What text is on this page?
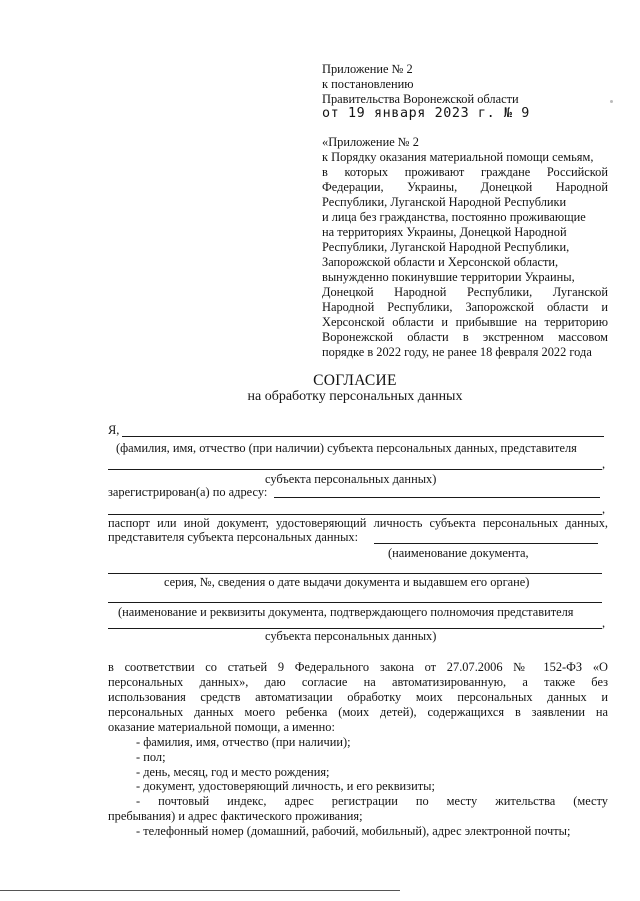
Приложение № 2
к постановлению
Правительства Воронежской области
от 19 января 2023 г. № 9
«Приложение № 2
к Порядку оказания материальной помощи семьям,
в которых проживают граждане Российской
Федерации, Украины, Донецкой Народной
Республики, Луганской Народной Республики
и лица без гражданства, постоянно проживающие
на территориях Украины, Донецкой Народной
Республики, Луганской Народной Республики,
Запорожской области и Херсонской области,
вынужденно покинувшие территории Украины,
Донецкой Народной Республики, Луганской
Народной Республики, Запорожской области и
Херсонской области и прибывшие на территорию
Воронежской области в экстренном массовом
порядке в 2022 году, не ранее 18 февраля 2022 года
СОГЛАСИЕ
на обработку персональных данных
Я,
(фамилия, имя, отчество (при наличии) субъекта персональных данных, представителя
,
субъекта персональных данных)
зарегистрирован(а) по адресу:
,
паспорт или иной документ, удостоверяющий личность субъекта персональных данных,
представителя субъекта персональных данных:
(наименование документа,
серия, №, сведения о дате выдачи документа и выдавшем его органе)
(наименование и реквизиты документа, подтверждающего полномочия представителя
,
субъекта персональных данных)
в соответствии со статьей 9 Федерального закона от 27.07.2006 № 152-ФЗ «О
персональных данных», даю согласие на автоматизированную, а также без
использования средств автоматизации обработку моих персональных данных и
персональных данных моего ребенка (моих детей), содержащихся в заявлении на
оказание материальной помощи, а именно:
- фамилия, имя, отчество (при наличии);
- пол;
- день, месяц, год и место рождения;
- документ, удостоверяющий личность, и его реквизиты;
- почтовый индекс, адрес регистрации по месту жительства (месту
пребывания) и адрес фактического проживания;
- телефонный номер (домашний, рабочий, мобильный), адрес электронной почты;
